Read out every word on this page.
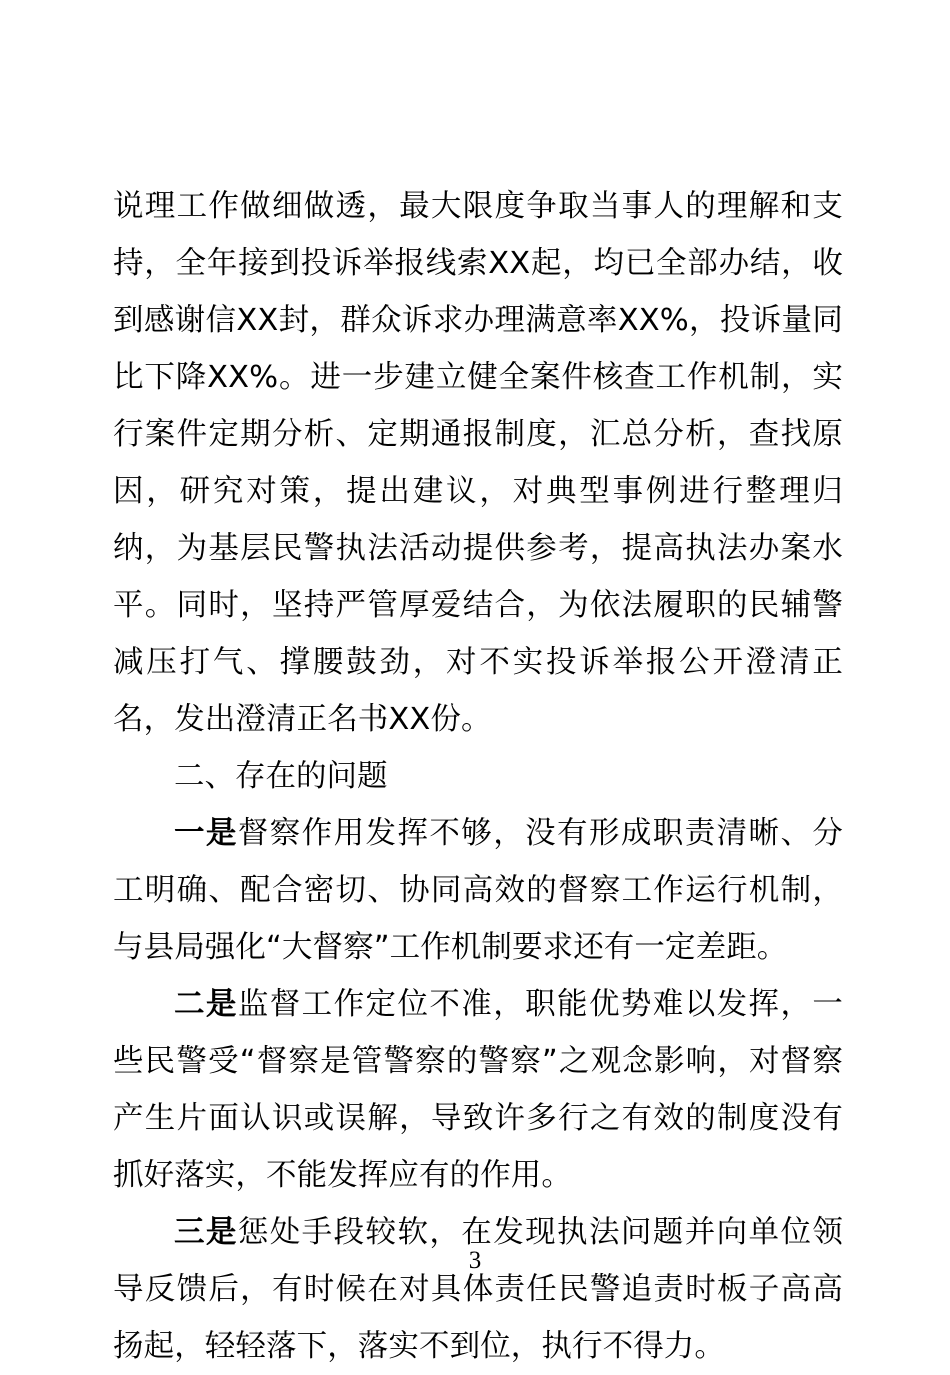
说理工作做细做透，最大限度争取当事人的理解和支持，全年接到投诉举报线索XX起，均已全部办结，收到感谢信XX封，群众诉求办理满意率XX%，投诉量同比下降XX%。进一步建立健全案件核查工作机制，实行案件定期分析、定期通报制度，汇总分析，查找原因，研究对策，提出建议，对典型事例进行整理归纳，为基层民警执法活动提供参考，提高执法办案水平。同时，坚持严管厚爱结合，为依法履职的民辅警减压打气、撑腰鼓劲，对不实投诉举报公开澄清正名，发出澄清正名书XX份。

二、存在的问题

一是督察作用发挥不够，没有形成职责清晰、分工明确、配合密切、协同高效的督察工作运行机制，与县局强化“大督察”工作机制要求还有一定差距。

二是监督工作定位不准，职能优势难以发挥，一些民警受“督察是管警察的警察”之观念影响，对督察产生片面认识或误解，导致许多行之有效的制度没有抓好落实，不能发挥应有的作用。

三是惩处手段较软，在发现执法问题并向单位领导反馈后，有时候在对具体责任民警追责时板子高高扬起，轻轻落下，落实不到位，执行不得力。

3
